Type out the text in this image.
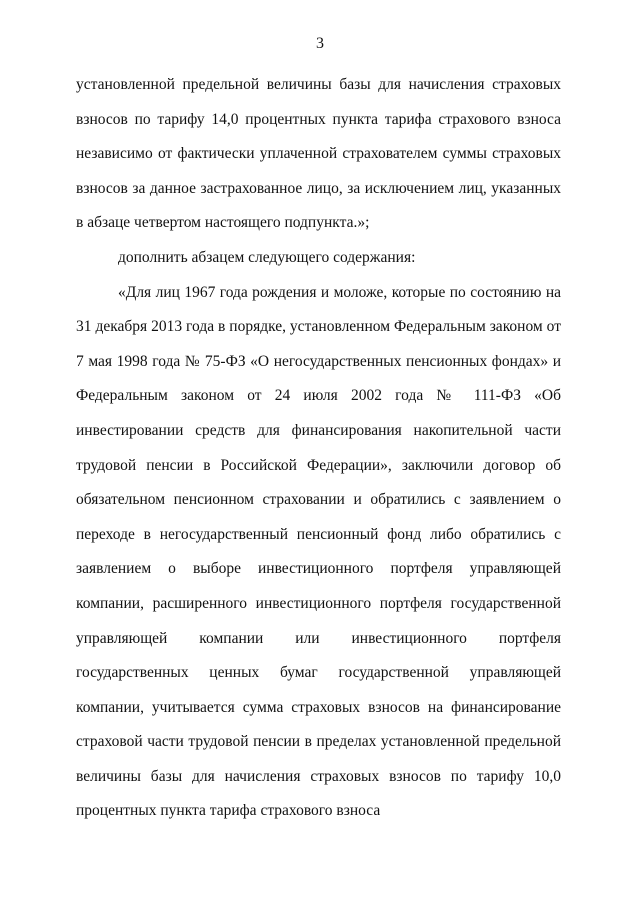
3
установленной предельной величины базы для начисления страховых взносов по тарифу 14,0 процентных пункта тарифа страхового взноса независимо от фактически уплаченной страхователем суммы страховых взносов за данное застрахованное лицо, за исключением лиц, указанных в абзаце четвертом настоящего подпункта.»;
дополнить абзацем следующего содержания:
«Для лиц 1967 года рождения и моложе, которые по состоянию на 31 декабря 2013 года в порядке, установленном Федеральным законом от 7 мая 1998 года № 75-ФЗ «О негосударственных пенсионных фондах» и Федеральным законом от 24 июля 2002 года № 111-ФЗ «Об инвестировании средств для финансирования накопительной части трудовой пенсии в Российской Федерации», заключили договор об обязательном пенсионном страховании и обратились с заявлением о переходе в негосударственный пенсионный фонд либо обратились с заявлением о выборе инвестиционного портфеля управляющей компании, расширенного инвестиционного портфеля государственной управляющей компании или инвестиционного портфеля государственных ценных бумаг государственной управляющей компании, учитывается сумма страховых взносов на финансирование страховой части трудовой пенсии в пределах установленной предельной величины базы для начисления страховых взносов по тарифу 10,0 процентных пункта тарифа страхового взноса
